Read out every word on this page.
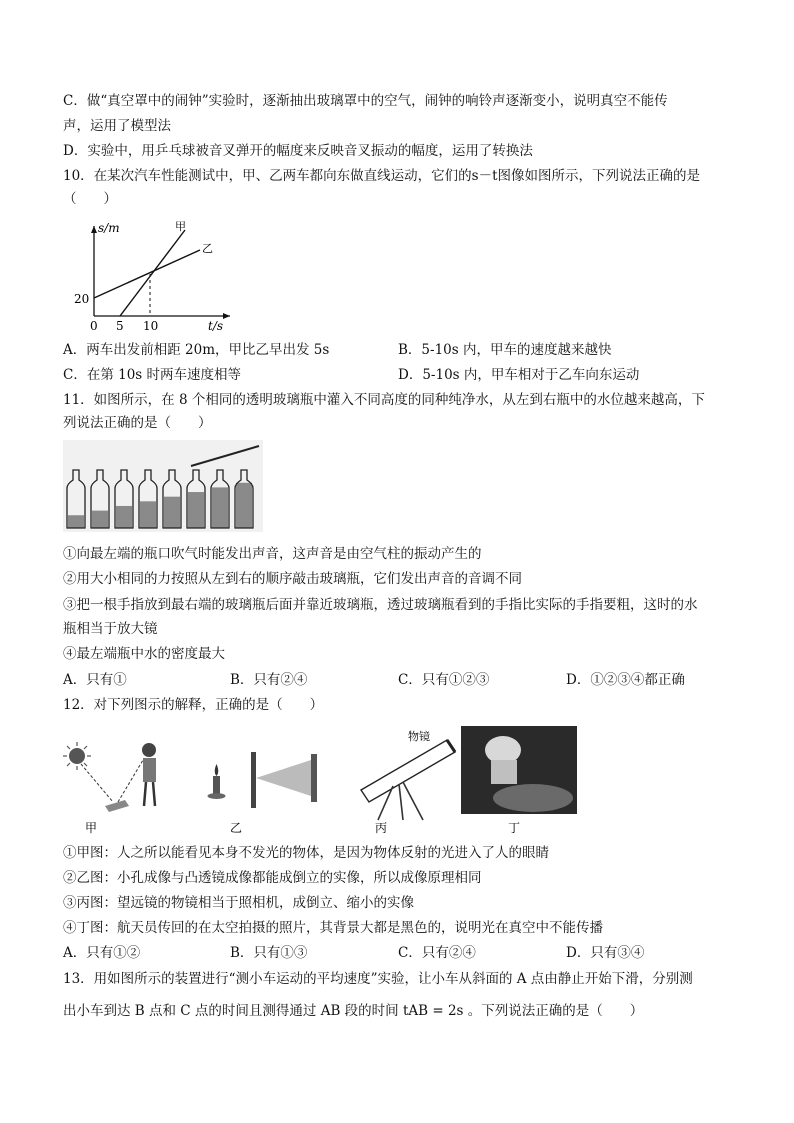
C．做“真空罩中的闹钟”实验时，逐渐抽出玻璃罩中的空气，闹钟的响铃声逐渐变小，说明真空不能传
声，运用了模型法
D．实验中，用乒乓球被音叉弹开的幅度来反映音叉振动的幅度，运用了转换法
10．在某次汽车性能测试中，甲、乙两车都向东做直线运动，它们的s－t图像如图所示，下列说法正确的是
（　　）
s/m	甲
乙
20
0 5 10	t/s
A．两车出发前相距 20m，甲比乙早出发 5s	B．5-10s 内，甲车的速度越来越快
C．在第 10s 时两车速度相等	D．5-10s 内，甲车相对于乙车向东运动
11．如图所示，在 8 个相同的透明玻璃瓶中灌入不同高度的同种纯净水，从左到右瓶中的水位越来越高，下
列说法正确的是（　　）
①向最左端的瓶口吹气时能发出声音，这声音是由空气柱的振动产生的
②用大小相同的力按照从左到右的顺序敲击玻璃瓶，它们发出声音的音调不同
③把一根手指放到最右端的玻璃瓶后面并靠近玻璃瓶，透过玻璃瓶看到的手指比实际的手指要粗，这时的水
瓶相当于放大镜
④最左端瓶中水的密度最大
A．只有①	B．只有②④	C．只有①②③	D．①②③④都正确
12．对下列图示的解释，正确的是（　　）
甲	乙
物镜
丙	丁
①甲图：人之所以能看见本身不发光的物体，是因为物体反射的光进入了人的眼睛
②乙图：小孔成像与凸透镜成像都能成倒立的实像，所以成像原理相同
③丙图：望远镜的物镜相当于照相机，成倒立、缩小的实像
④丁图：航天员传回的在太空拍摄的照片，其背景大都是黑色的，说明光在真空中不能传播
A．只有①②	B．只有①③	C．只有②④	D．只有③④
13．用如图所示的装置进行“测小车运动的平均速度”实验，让小车从斜面的 A 点由静止开始下滑，分别测
出小车到达 B 点和 C 点的时间且测得通过 AB 段的时间 tAB = 2s 。下列说法正确的是（　　）
